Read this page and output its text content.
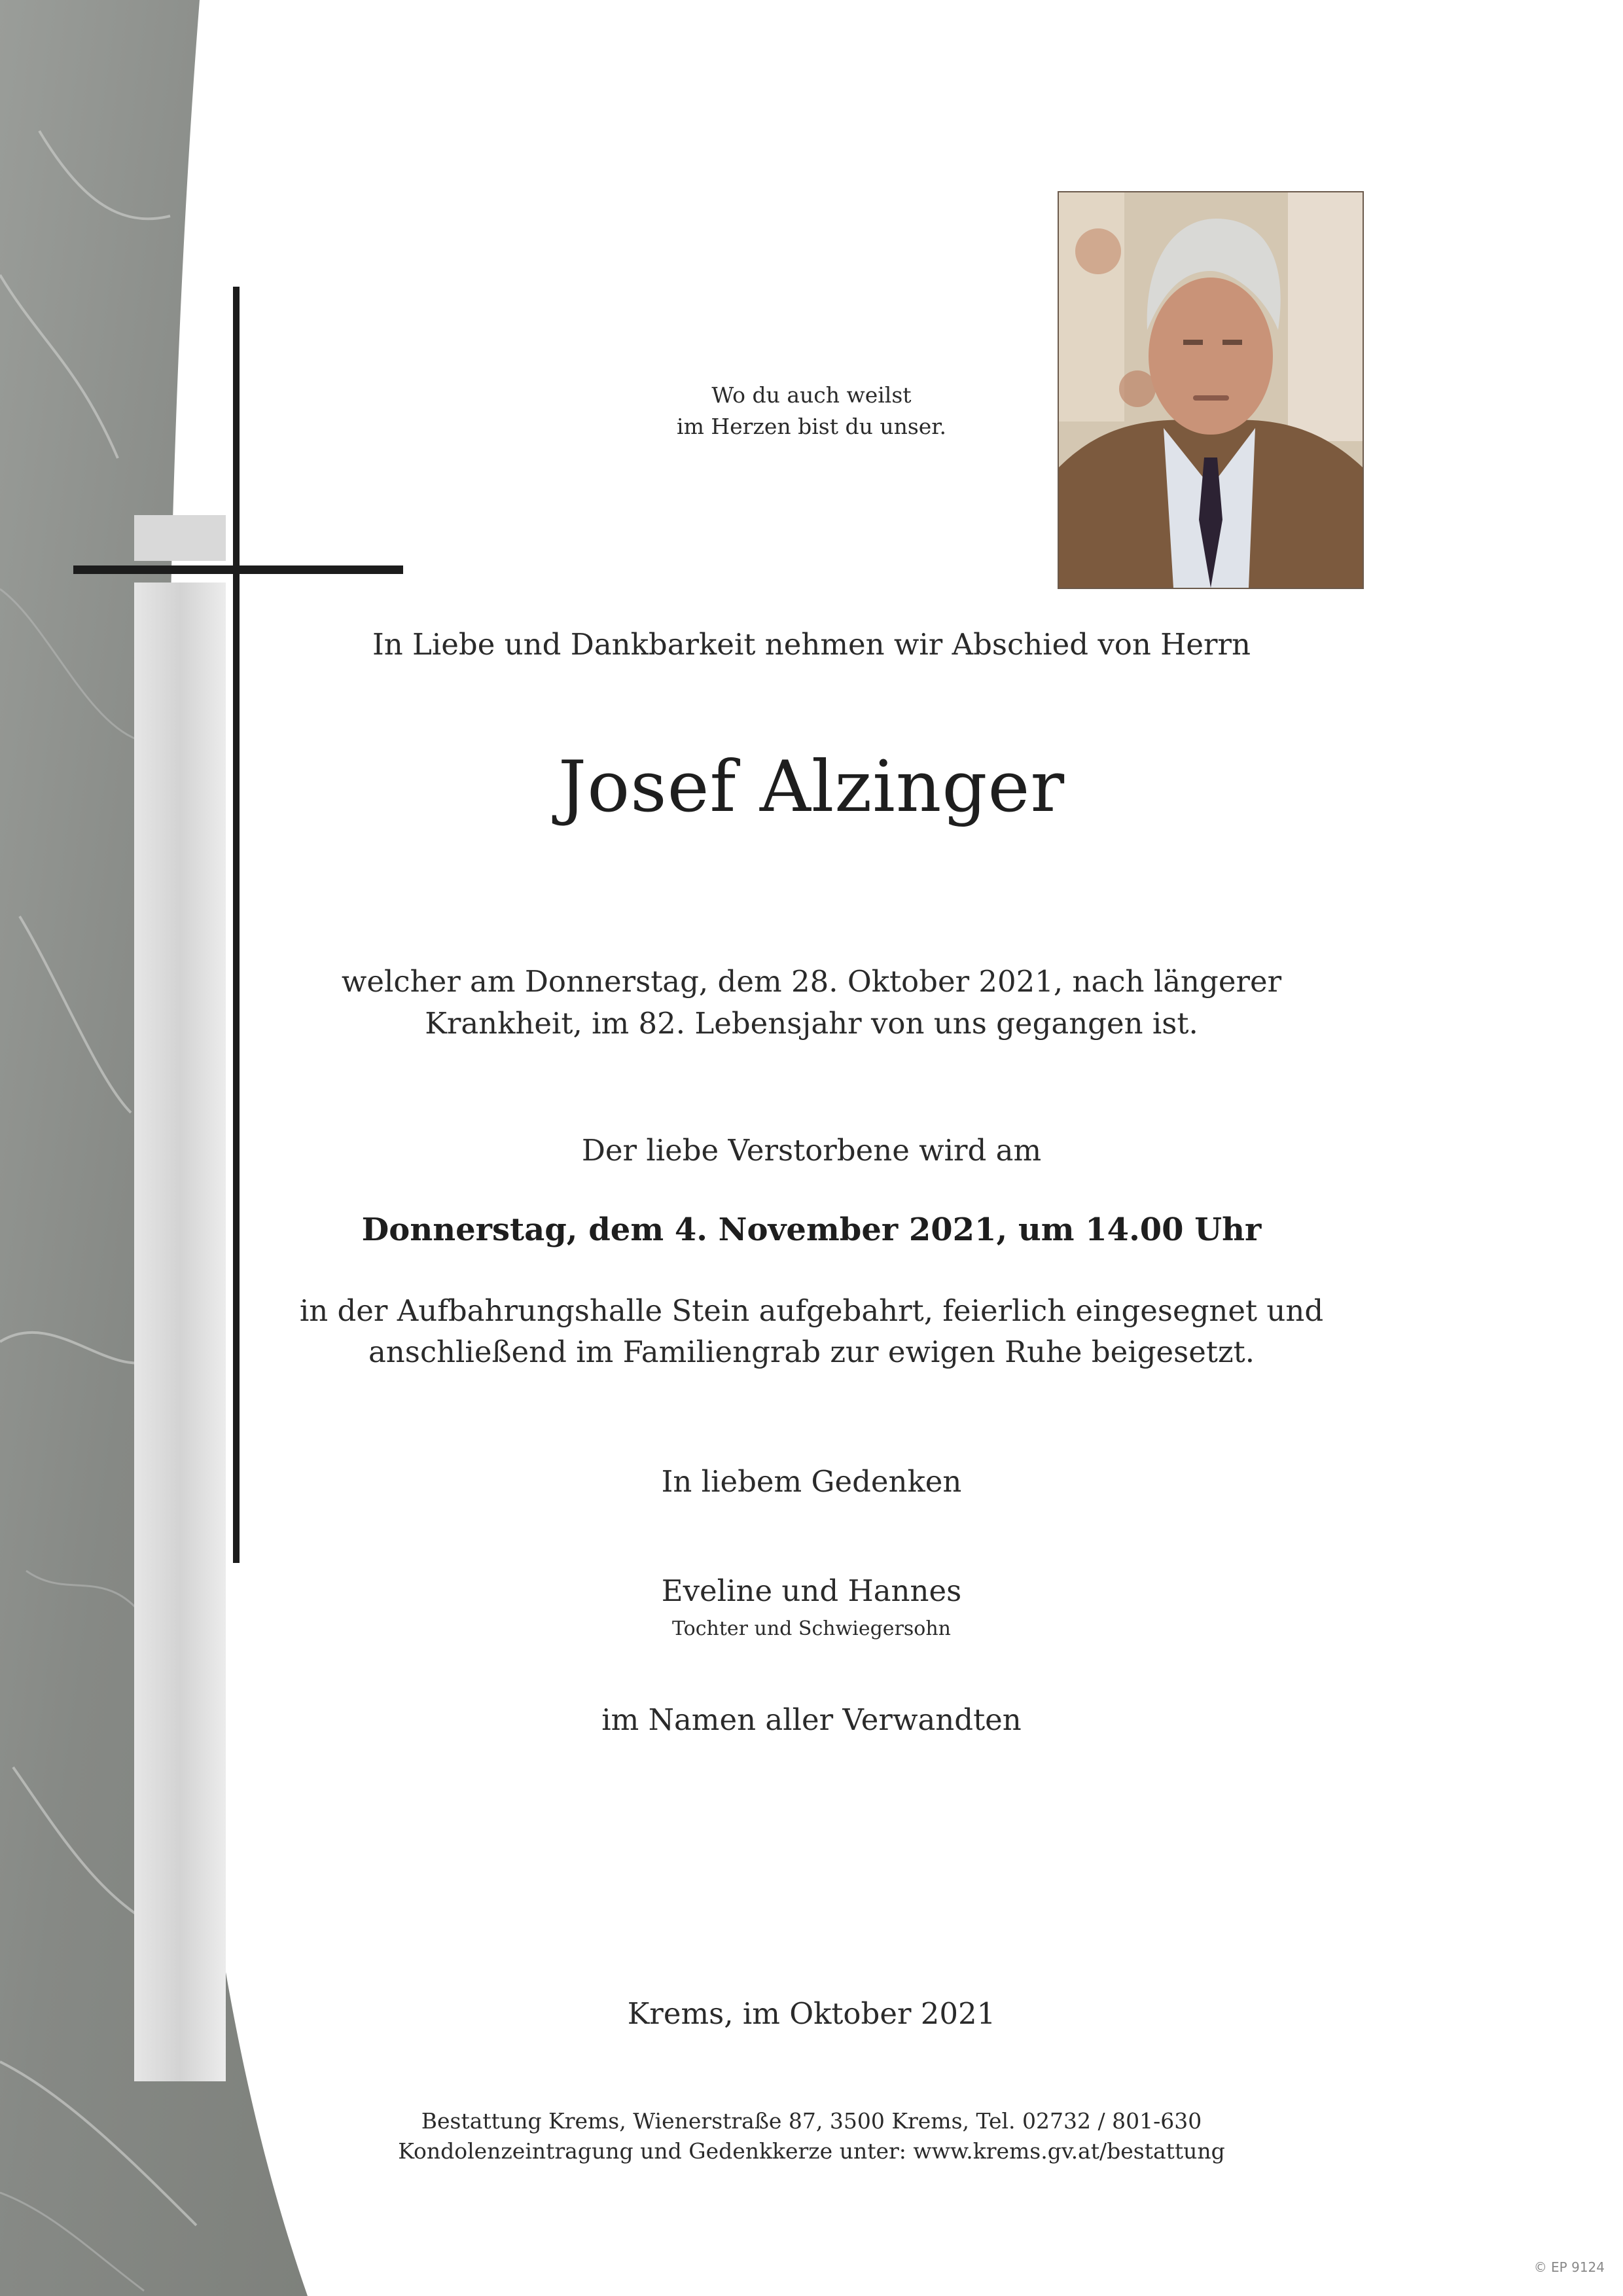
Wo du auch weilst
im Herzen bist du unser.
In Liebe und Dankbarkeit nehmen wir Abschied von Herrn
Josef Alzinger
welcher am Donnerstag, dem 28. Oktober 2021, nach längerer
Krankheit, im 82. Lebensjahr von uns gegangen ist.
Der liebe Verstorbene wird am
Donnerstag, dem 4. November 2021, um 14.00 Uhr
in der Aufbahrungshalle Stein aufgebahrt, feierlich eingesegnet und
anschließend im Familiengrab zur ewigen Ruhe beigesetzt.
In liebem Gedenken
Eveline und Hannes
Tochter und Schwiegersohn
im Namen aller Verwandten
Krems, im Oktober 2021
Bestattung Krems, Wienerstraße 87, 3500 Krems, Tel. 02732 / 801-630
Kondolenzeintragung und Gedenkkerze unter: www.krems.gv.at/bestattung
© EP 9124
